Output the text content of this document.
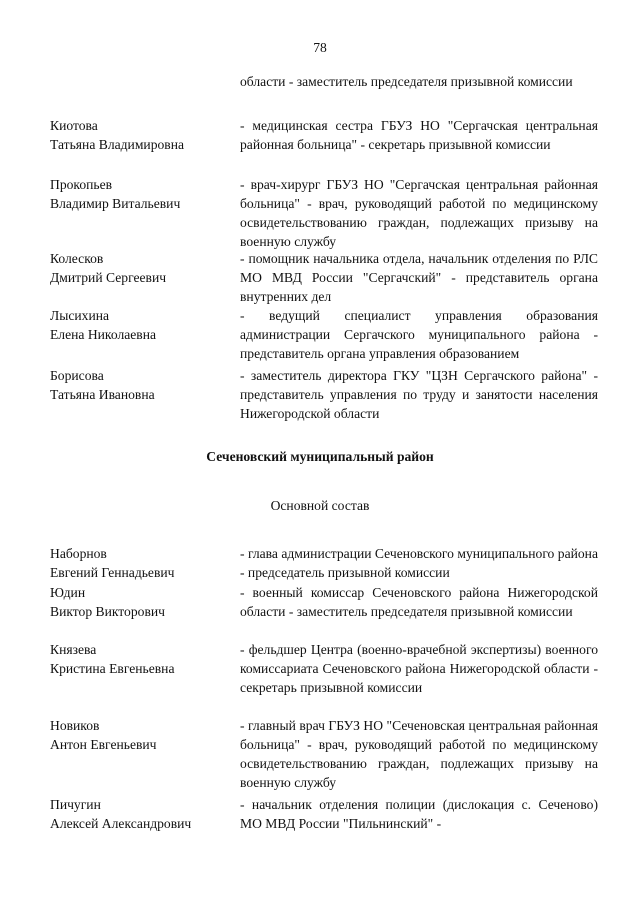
78
области - заместитель председателя призывной комиссии
Киотова
Татьяна Владимировна
- медицинская сестра ГБУЗ НО "Сергачская центральная районная больница" - секретарь призывной комиссии
Прокопьев
Владимир Витальевич
- врач-хирург ГБУЗ НО "Сергачская центральная районная больница" - врач, руководящий работой по медицинскому освидетельствованию граждан, подлежащих призыву на военную службу
Колесков
Дмитрий Сергеевич
- помощник начальника отдела, начальник отделения по РЛС МО МВД России "Сергачский" - представитель органа внутренних дел
Лысихина
Елена Николаевна
- ведущий специалист управления образования администрации Сергачского муниципального района - представитель органа управления образованием
Борисова
Татьяна Ивановна
- заместитель директора ГКУ "ЦЗН Сергачского района" - представитель управления по труду и занятости населения Нижегородской области
Сеченовский муниципальный район
Основной состав
Наборнов
Евгений Геннадьевич
- глава администрации Сеченовского муниципального района - председатель призывной комиссии
Юдин
Виктор Викторович
- военный комиссар Сеченовского района Нижегородской области - заместитель председателя призывной комиссии
Князева
Кристина Евгеньевна
- фельдшер Центра (военно-врачебной экспертизы) военного комиссариата Сеченовского района Нижегородской области - секретарь призывной комиссии
Новиков
Антон Евгеньевич
- главный врач ГБУЗ НО "Сеченовская центральная районная больница" - врач, руководящий работой по медицинскому освидетельствованию граждан, подлежащих призыву на военную службу
Пичугин
Алексей Александрович
- начальник отделения полиции (дислокация с. Сеченово) МО МВД России "Пильнинский" -
